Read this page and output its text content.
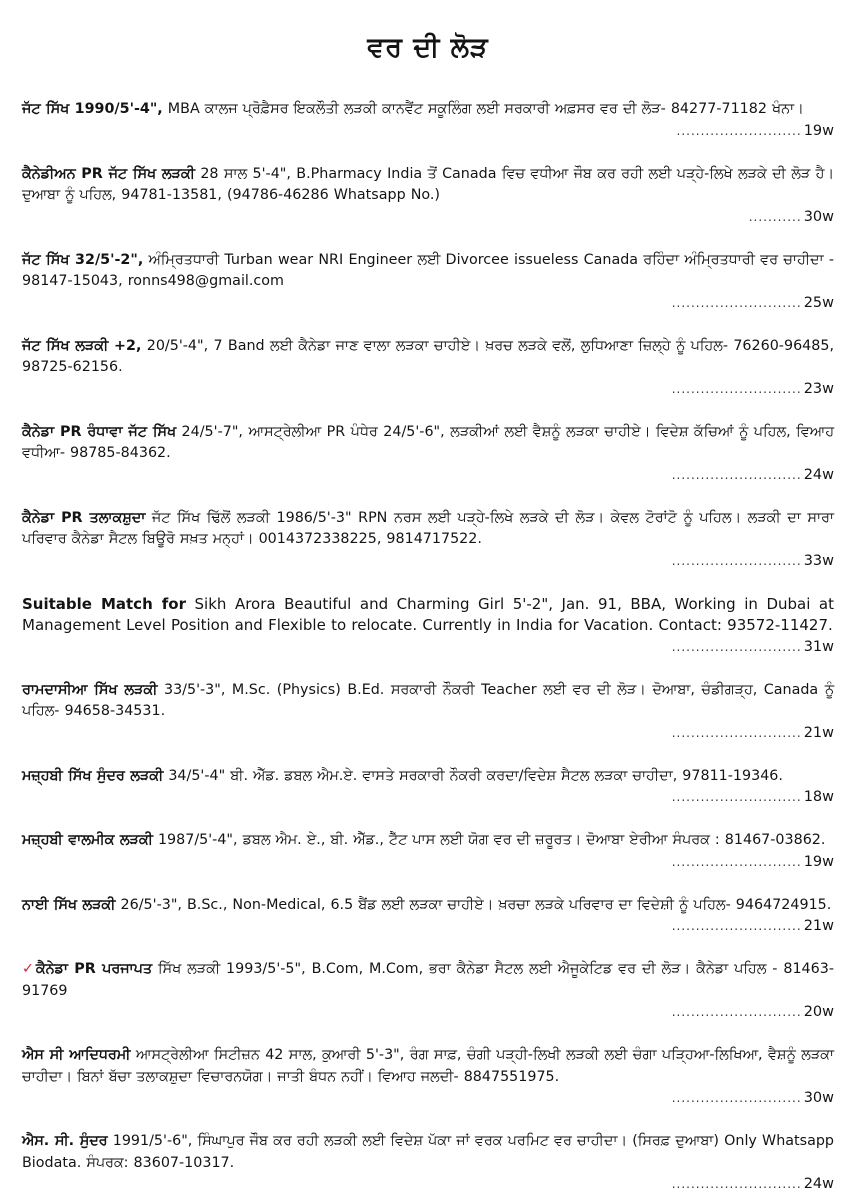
ਵਰ ਦੀ ਲੋੜ
ਜੱਟ ਸਿੱਖ 1990/5'-4", MBA ਕਾਲਜ ਪ੍ਰੋਫ਼ੈਸਰ ਇਕਲੌਤੀ ਲੜਕੀ ਕਾਨਵੈਂਟ ਸਕੂਲਿੰਗ ਲਈ ਸਰਕਾਰੀ ਅਫ਼ਸਰ ਵਰ ਦੀ ਲੋੜ- 84277-71182 ਖੰਨਾ।
.......................... 19w
ਕੈਨੇਡੀਅਨ PR ਜੱਟ ਸਿੱਖ ਲੜਕੀ 28 ਸਾਲ 5'-4", B.Pharmacy India ਤੋਂ Canada ਵਿਚ ਵਧੀਆ ਜੌਬ ਕਰ ਰਹੀ ਲਈ ਪੜ੍ਹੇ-ਲਿਖੇ ਲੜਕੇ ਦੀ ਲੋੜ ਹੈ। ਦੁਆਬਾ ਨੂੰ ਪਹਿਲ, 94781-13581, (94786-46286 Whatsapp No.)
........... 30w
ਜੱਟ ਸਿੱਖ 32/5'-2", ਅੰਮ੍ਰਿਤਧਾਰੀ Turban wear NRI Engineer ਲਈ Divorcee issueless Canada ਰਹਿੰਦਾ ਅੰਮ੍ਰਿਤਧਾਰੀ ਵਰ ਚਾਹੀਦਾ - 98147-15043, ronns498@gmail.com
........................... 25w
ਜੱਟ ਸਿੱਖ ਲੜਕੀ +2, 20/5'-4", 7 Band ਲਈ ਕੈਨੇਡਾ ਜਾਣ ਵਾਲਾ ਲੜਕਾ ਚਾਹੀਏ। ਖ਼ਰਚ ਲੜਕੇ ਵਲੋਂ, ਲੁਧਿਆਣਾ ਜ਼ਿਲ੍ਹੇ ਨੂੰ ਪਹਿਲ- 76260-96485, 98725-62156.
........................... 23w
ਕੈਨੇਡਾ PR ਰੰਧਾਵਾ ਜੱਟ ਸਿੱਖ 24/5'-7", ਆਸਟ੍ਰੇਲੀਆ PR ਪੰਧੇਰ 24/5'-6", ਲੜਕੀਆਂ ਲਈ ਵੈਸ਼ਨੂੰ ਲੜਕਾ ਚਾਹੀਏ। ਵਿਦੇਸ਼ ਕੱਚਿਆਂ ਨੂੰ ਪਹਿਲ, ਵਿਆਹ ਵਧੀਆ- 98785-84362.
........................... 24w
ਕੈਨੇਡਾ PR ਤਲਾਕਸ਼ੁਦਾ ਜੱਟ ਸਿੱਖ ਢਿੱਲੋਂ ਲੜਕੀ 1986/5'-3" RPN ਨਰਸ ਲਈ ਪੜ੍ਹੇ-ਲਿਖੇ ਲੜਕੇ ਦੀ ਲੋੜ। ਕੇਵਲ ਟੋਰਾਂਟੋ ਨੂੰ ਪਹਿਲ। ਲੜਕੀ ਦਾ ਸਾਰਾ ਪਰਿਵਾਰ ਕੈਨੇਡਾ ਸੈਟਲ ਬਿਊਰੋ ਸਖ਼ਤ ਮਨ੍ਹਾਂ। 0014372338225, 9814717522.
........................... 33w
Suitable Match for Sikh Arora Beautiful and Charming Girl 5'-2", Jan. 91, BBA, Working in Dubai at Management Level Position and Flexible to relocate. Currently in India for Vacation. Contact: 93572-11427.
........................... 31w
ਰਾਮਦਾਸੀਆ ਸਿੱਖ ਲੜਕੀ 33/5'-3", M.Sc. (Physics) B.Ed. ਸਰਕਾਰੀ ਨੌਕਰੀ Teacher ਲਈ ਵਰ ਦੀ ਲੋੜ। ਦੋਆਬਾ, ਚੰਡੀਗੜ੍ਹ, Canada ਨੂੰ ਪਹਿਲ- 94658-34531.
........................... 21w
ਮਜ਼੍ਹਬੀ ਸਿੱਖ ਸੁੰਦਰ ਲੜਕੀ 34/5'-4" ਬੀ. ਐੱਡ. ਡਬਲ ਐਮ.ਏ. ਵਾਸਤੇ ਸਰਕਾਰੀ ਨੌਕਰੀ ਕਰਦਾ/ਵਿਦੇਸ਼ ਸੈਟਲ ਲੜਕਾ ਚਾਹੀਦਾ, 97811-19346.
........................... 18w
ਮਜ਼੍ਹਬੀ ਵਾਲਮੀਕ ਲੜਕੀ 1987/5'-4", ਡਬਲ ਐਮ. ਏ., ਬੀ. ਐੱਡ., ਟੈੱਟ ਪਾਸ ਲਈ ਯੋਗ ਵਰ ਦੀ ਜ਼ਰੂਰਤ। ਦੋਆਬਾ ਏਰੀਆ ਸੰਪਰਕ : 81467-03862.
........................... 19w
ਨਾਈ ਸਿੱਖ ਲੜਕੀ 26/5'-3", B.Sc., Non-Medical, 6.5 ਬੈਂਡ ਲਈ ਲੜਕਾ ਚਾਹੀਏ। ਖ਼ਰਚਾ ਲੜਕੇ ਪਰਿਵਾਰ ਦਾ ਵਿਦੇਸ਼ੀ ਨੂੰ ਪਹਿਲ- 9464724915.
........................... 21w
✓ਕੈਨੇਡਾ PR ਪਰਜਾਪਤ ਸਿੱਖ ਲੜਕੀ 1993/5'-5", B.Com, M.Com, ਭਰਾ ਕੈਨੇਡਾ ਸੈਟਲ ਲਈ ਐਜੂਕੇਟਿਡ ਵਰ ਦੀ ਲੋੜ। ਕੈਨੇਡਾ ਪਹਿਲ - 81463-91769
........................... 20w
ਐਸ ਸੀ ਆਦਿਧਰਮੀ ਆਸਟ੍ਰੇਲੀਆ ਸਿਟੀਜ਼ਨ 42 ਸਾਲ, ਕੁਆਰੀ 5'-3", ਰੰਗ ਸਾਫ਼, ਚੰਗੀ ਪੜ੍ਹੀ-ਲਿਖੀ ਲੜਕੀ ਲਈ ਚੰਗਾ ਪੜ੍ਹਿਆ-ਲਿਖਿਆ, ਵੈਸ਼ਨੂੰ ਲੜਕਾ ਚਾਹੀਦਾ। ਬਿਨਾਂ ਬੱਚਾ ਤਲਾਕਸ਼ੁਦਾ ਵਿਚਾਰਨਯੋਗ। ਜਾਤੀ ਬੰਧਨ ਨਹੀਂ। ਵਿਆਹ ਜਲਦੀ- 8847551975.
........................... 30w
ਐਸ. ਸੀ. ਸੁੰਦਰ 1991/5'-6", ਸਿੰਘਾਪੁਰ ਜੌਬ ਕਰ ਰਹੀ ਲੜਕੀ ਲਈ ਵਿਦੇਸ਼ ਪੱਕਾ ਜਾਂ ਵਰਕ ਪਰਮਿਟ ਵਰ ਚਾਹੀਦਾ। (ਸਿਰਫ਼ ਦੁਆਬਾ) Only Whatsapp Biodata. ਸੰਪਰਕ: 83607-10317.
........................... 24w
